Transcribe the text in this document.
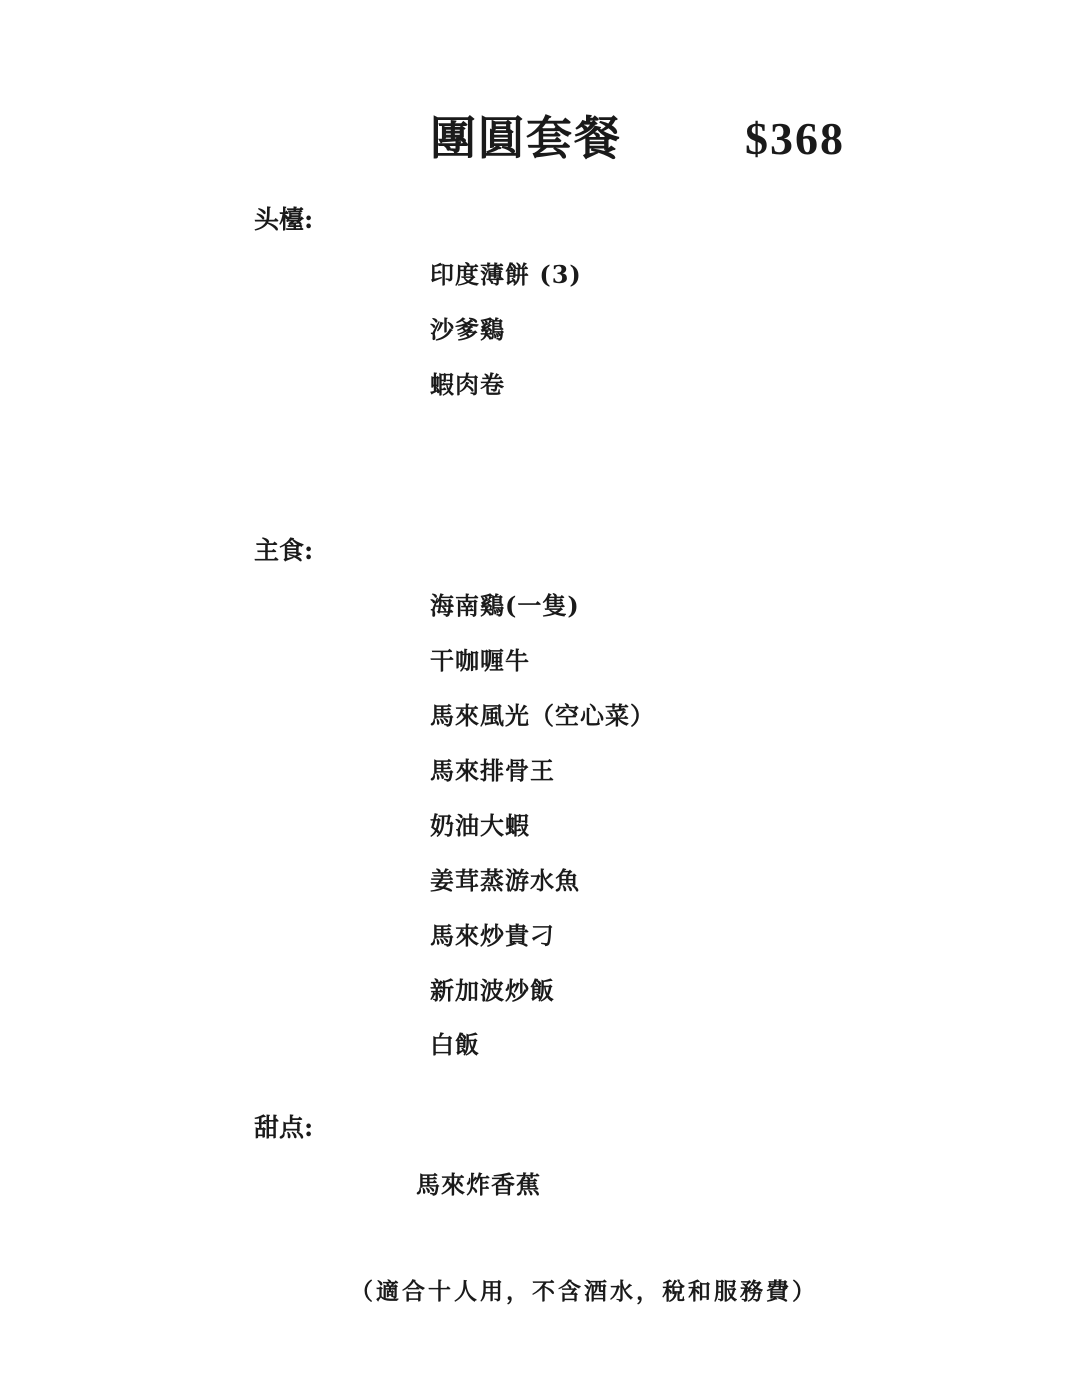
團圓套餐	$368
头檯:
印度薄餅 (3)
沙爹鷄
蝦肉卷
主食:
海南鷄(一隻)
干咖喱牛
馬來風光（空心菜）
馬來排骨王
奶油大蝦
姜茸蒸游水魚
馬來炒貴刁
新加波炒飯
白飯
甜点:
馬來炸香蕉
（適合十人用，不含酒水，稅和服務費）
